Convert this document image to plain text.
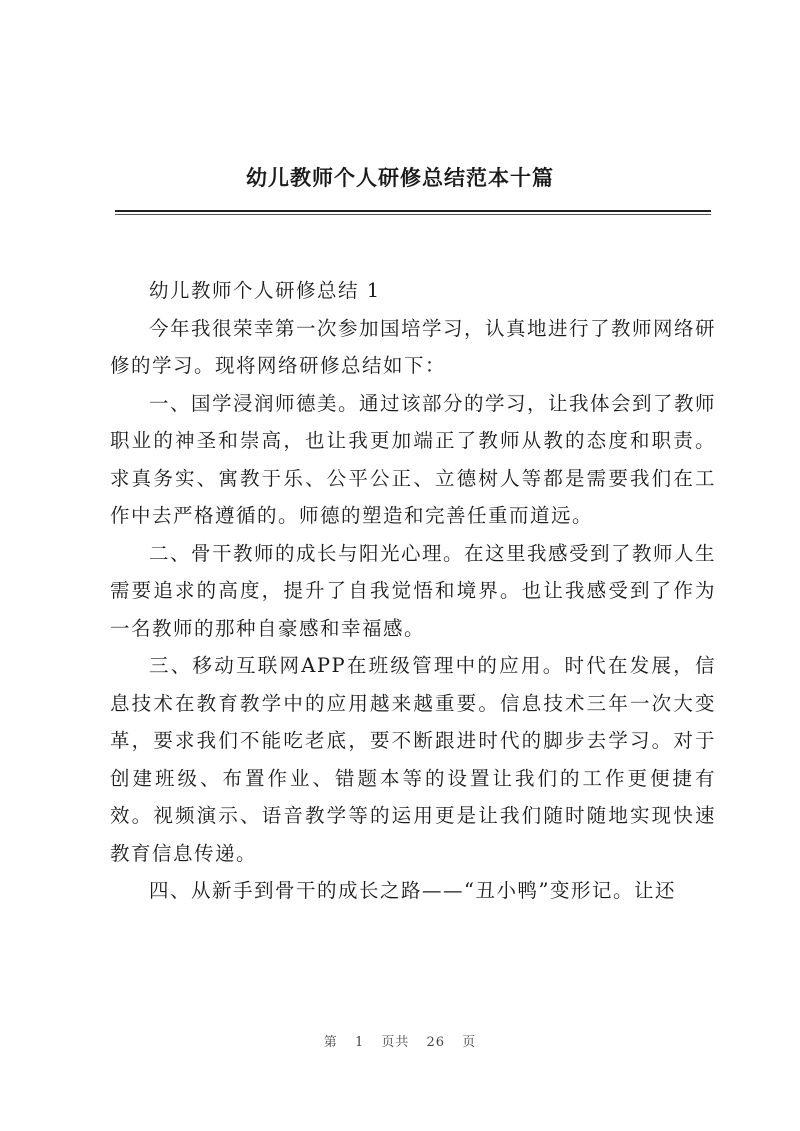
幼儿教师个人研修总结范本十篇

幼儿教师个人研修总结 1

今年我很荣幸第一次参加国培学习，认真地进行了教师网络研修的学习。现将网络研修总结如下：

一、国学浸润师德美。通过该部分的学习，让我体会到了教师职业的神圣和崇高，也让我更加端正了教师从教的态度和职责。求真务实、寓教于乐、公平公正、立德树人等都是需要我们在工作中去严格遵循的。师德的塑造和完善任重而道远。

二、骨干教师的成长与阳光心理。在这里我感受到了教师人生需要追求的高度，提升了自我觉悟和境界。也让我感受到了作为一名教师的那种自豪感和幸福感。

三、移动互联网APP在班级管理中的应用。时代在发展，信息技术在教育教学中的应用越来越重要。信息技术三年一次大变革，要求我们不能吃老底，要不断跟进时代的脚步去学习。对于创建班级、布置作业、错题本等的设置让我们的工作更便捷有效。视频演示、语音教学等的运用更是让我们随时随地实现快速教育信息传递。

四、从新手到骨干的成长之路——“丑小鸭”变形记。让还

第 1 页共 26 页
